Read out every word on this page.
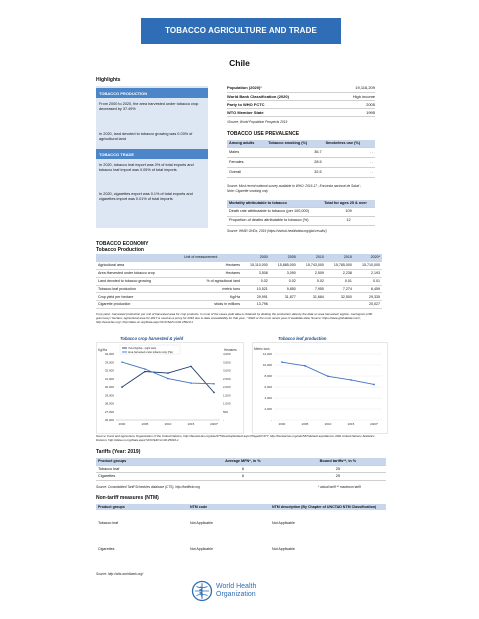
TOBACCO AGRICULTURE AND TRADE
Chile
Highlights
TOBACCO PRODUCTION
From 2000 to 2020, the area harvested under tobacco crop decreased by 37.49%
In 2020, land devoted to tobacco growing was 0.03% of agricultural land
TOBACCO TRADE
In 2020, tobacco leaf export was 0% of total exports and tobacco leaf import was 0.05% of total imports
In 2020, cigarettes export was 0.1% of total exports and cigarettes import was 0.01% of total imports
Population (2020)¹	19,116,209
World Bank Classification (2020)	High income
Party to WHO FCTC	2005
WTO Member State	1995
¹Source: World Population Prospects 2019
TOBACCO USE PREVALENCE
Among adults	Tobacco smoking (%)	Smokeless use (%)
Males	36.7	. .
Females	28.5	. .
Overall	32.5	. .
Source: Most recent national survey available to WHO: 2016-17 ; Encuesta nacional de Salud ;
Note: Cigarette smoking only
Mortality attributable to tobacco	Total for ages 25 & over
Death rate attributable to tobacco (per 100,000)	109
Proportion of deaths attributable to tobacco (%)	12
Source: IHME/ GHDx, 2019 (https://vizhub.healthdata.org/gbd-results/)
TOBACCO ECONOMY
Tobacco Production
	Unit of measurement	2000	2005	2010	2015	2020*
Agricultural area	Hectares	15,110,000	15,885,000	15,743,000	15,785,000	15,710,000
Area Harvested under tobacco crop	Hectares	3,508	3,090	2,509	2,238	2,193
Land devoted to tobacco growing	% of agricultural land	0.02	0.02	0.02	0.01	0.01
Tobacco leaf production	metric tons	10,521	9,850	7,950	7,274	6,459
Crop yield per hectare	Kg/Ha	29,991	31,877	31,684	32,500	29,335
Cigarette production	sticks in millions	13,796				20,027
Crop yield - harvested production per unit of harvested area for crop products. In most of the cases yield data is obtained by dividing the production data by the data on area harvested; Hg/Ha - hectogram (100 grammes) / hectare; Agricultural area for 2017 is used as a proxy for 2018 due to data unavailability for that year ; *2020 or the most recent year of available data; Source: https://www.globaldata.com/; http://www.fao.org/; http://data.un.org/Data.aspx?d=ICS&f=cmID:25010:1
Tobacco crop harvested & yield
Kg/Ha	Hectares
26,000
27,000
28,000
29,000
30,000
31,000
32,000
33,000
34,000
-
500
1,000
1,500
2,000
2,500
3,000
3,500
4,000
2000	2005	2010	2015	2020*
Yield (Kg/ha) - (right axis)
Area harvested under tobacco crop (Ha)
Tobacco leaf production
Metric tons
-
2,000
4,000
6,000
8,000
10,000
12,000
2000	2005	2010	2015	2020*
Source: Food and Agriculture Organization of the United Nations, http://faostat.fao.org/site/377/DesktopDefault.aspx?PageID=377; http://faostat.fao.org/site/567/default.aspx#ancor AND United Nations Statistics Division, http://data.un.org/Data.aspx?d=ICS&f=cmID:25010-1
Tariffs (Year: 2019)
Product groups	Average MFN*, in %	Bound tariffs**, in %
Tobacco leaf	6	25
Cigarettes	6	25
Source: Consolidated Tariff Schedules database (CTS), http://tariffwto.org	* actual tariff ** maximum tariff
Non-tariff measures (NTM)
Product groups	NTM code	NTM description (By Chapter of UNCTAD NTM Classification)
Tobacco leaf	Not Applicable	Not Applicable
Cigarettes	Not Applicable	Not Applicable
Source: http://wits.worldbank.org/
World Health
Organization
